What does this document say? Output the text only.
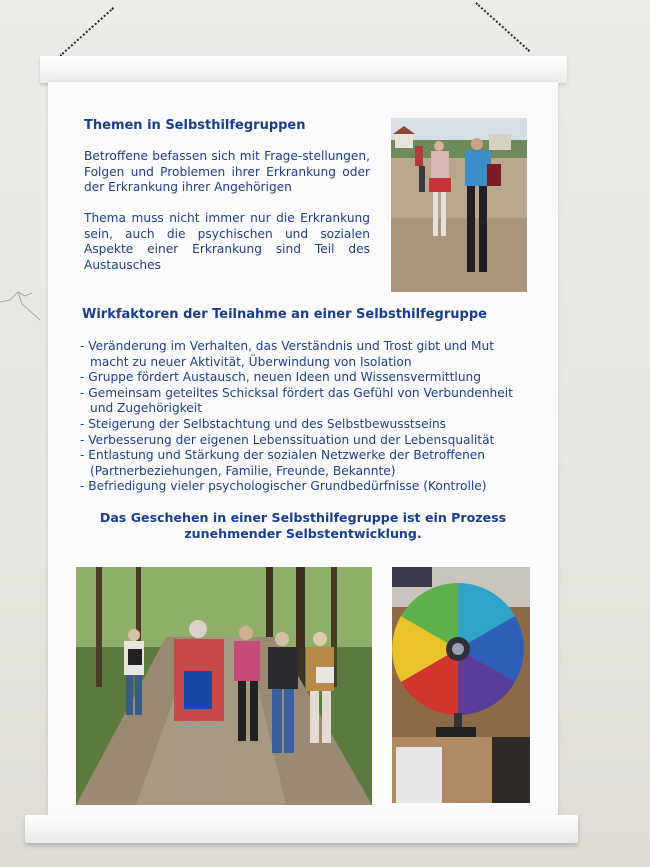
Themen in Selbsthilfegruppen

Betroffene befassen sich mit Frage-stellungen, Folgen und Problemen ihrer Erkrankung oder der Erkrankung ihrer Angehörigen

Thema muss nicht immer nur die Erkrankung sein, auch die psychischen und sozialen Aspekte einer Erkrankung sind Teil des Austausches

Wirkfaktoren der Teilnahme an einer Selbsthilfegruppe
- Veränderung im Verhalten, das Verständnis und Trost gibt und Mut macht zu neuer Aktivität, Überwindung von Isolation
- Gruppe fördert Austausch, neuen Ideen und Wissensvermittlung
- Gemeinsam geteiltes Schicksal fördert das Gefühl von Verbundenheit und Zugehörigkeit
- Steigerung der Selbstachtung und des Selbstbewusstseins
- Verbesserung der eigenen Lebenssituation und der Lebensqualität
- Entlastung und Stärkung der sozialen Netzwerke der Betroffenen (Partnerbeziehungen, Familie, Freunde, Bekannte)
- Befriedigung vieler psychologischer Grundbedürfnisse (Kontrolle)
Das Geschehen in einer Selbsthilfegruppe ist ein Prozess
zunehmender Selbstentwicklung.
